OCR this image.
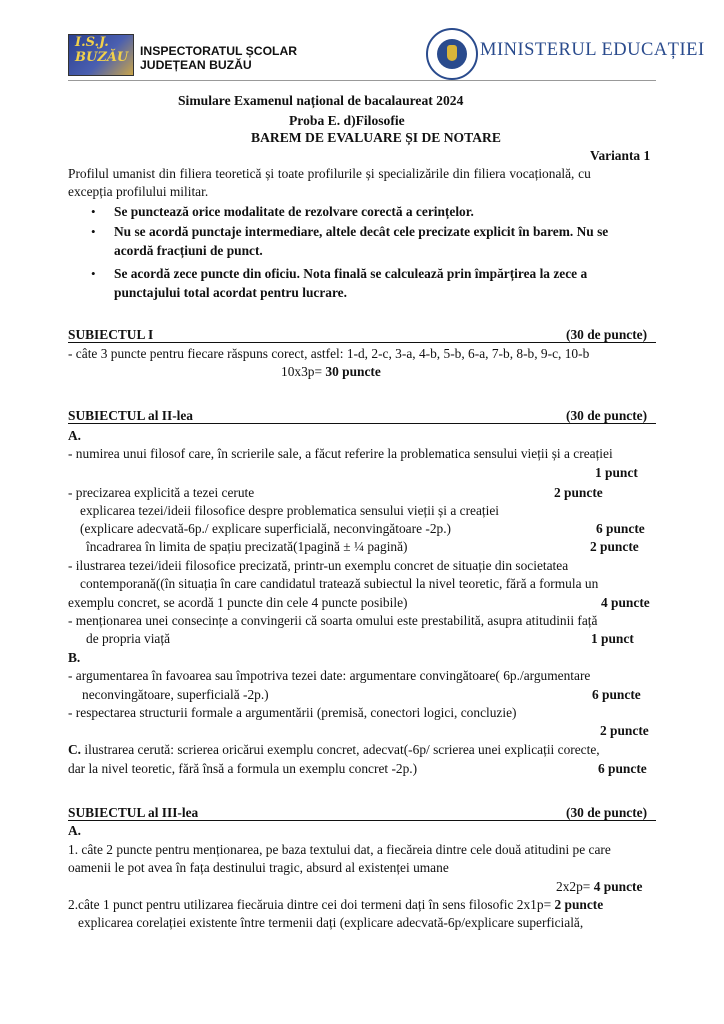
I.S.J. BUZĂU INSPECTORATUL ȘCOLAR
JUDEȚEAN BUZĂU
MINISTERUL EDUCAȚIEI
Simulare Examenul național de bacalaureat 2024
Proba E. d)Filosofie
BAREM DE EVALUARE ȘI DE NOTARE
Varianta 1
Profilul umanist din filiera teoretică și toate profilurile și specializările din filiera vocațională, cu
excepția profilului militar.
• Se punctează orice modalitate de rezolvare corectă a cerințelor.
• Nu se acordă punctaje intermediare, altele decât cele precizate explicit în barem. Nu se
acordă fracțiuni de punct.
• Se acordă zece puncte din oficiu. Nota finală se calculează prin împărțirea la zece a
punctajului total acordat pentru lucrare.
SUBIECTUL I	(30 de puncte)
- câte 3 puncte pentru fiecare răspuns corect, astfel: 1-d, 2-c, 3-a, 4-b, 5-b, 6-a, 7-b, 8-b, 9-c, 10-b
10x3p= 30 puncte
SUBIECTUL al II-lea	(30 de puncte)
A.
- numirea unui filosof care, în scrierile sale, a făcut referire la problematica sensului vieții și a creației
1 punct
- precizarea explicită a tezei cerute	2 puncte
explicarea tezei/ideii filosofice despre problematica sensului vieții și a creației
(explicare adecvată-6p./ explicare superficială, neconvingătoare -2p.)	6 puncte
încadrarea în limita de spațiu precizată(1pagină ± ¼ pagină)	2 puncte
- ilustrarea tezei/ideii filosofice precizată, printr-un exemplu concret de situație din societatea
contemporană((în situația în care candidatul tratează subiectul la nivel teoretic, fără a formula un
exemplu concret, se acordă 1 puncte din cele 4 puncte posibile)	4 puncte
- menționarea unei consecințe a convingerii că soarta omului este prestabilită, asupra atitudinii față
de propria viață	1 punct
B.
- argumentarea în favoarea sau împotriva tezei date: argumentare convingătoare( 6p./argumentare
neconvingătoare, superficială -2p.)	6 puncte
- respectarea structurii formale a argumentării (premisă, conectori logici, concluzie)
2 puncte
C. ilustrarea cerută: scrierea oricărui exemplu concret, adecvat(-6p/ scrierea unei explicații corecte,
dar la nivel teoretic, fără însă a formula un exemplu concret -2p.)	6 puncte
SUBIECTUL al III-lea	(30 de puncte)
A.
1. câte 2 puncte pentru menționarea, pe baza textului dat, a fiecăreia dintre cele două atitudini pe care
oamenii le pot avea în fața destinului tragic, absurd al existenței umane
2x2p= 4 puncte
2.câte 1 punct pentru utilizarea fiecăruia dintre cei doi termeni dați în sens filosofic 2x1p= 2 puncte
explicarea corelației existente între termenii dați (explicare adecvată-6p/explicare superficială,
